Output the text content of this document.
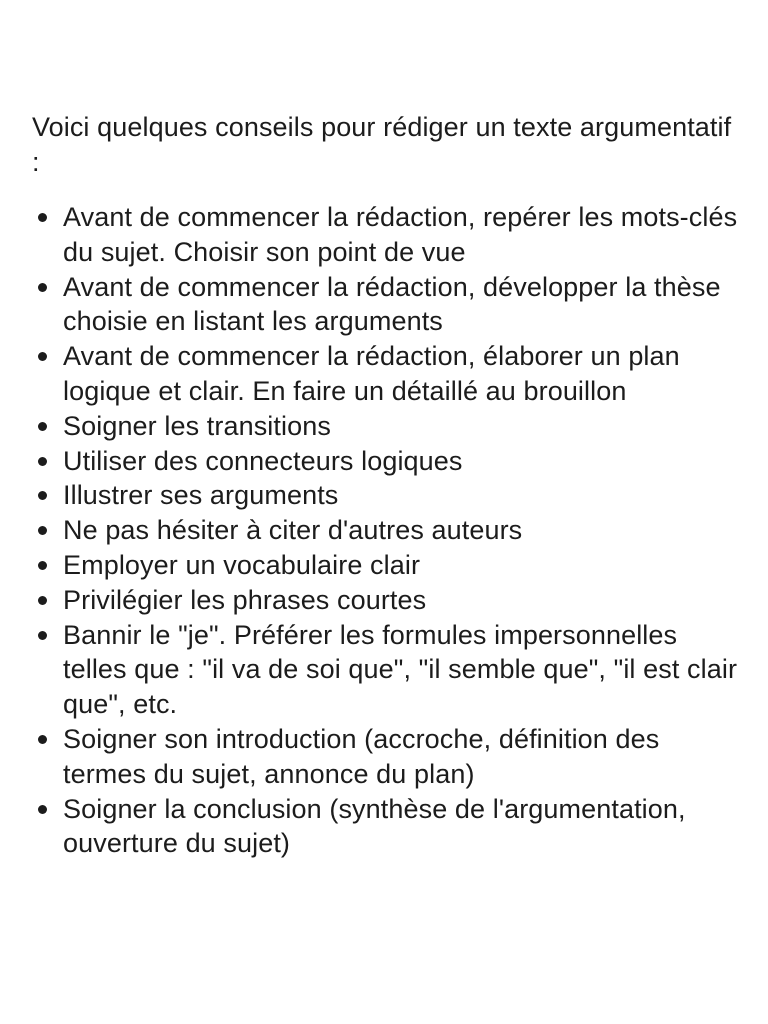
Voici quelques conseils pour rédiger un texte argumentatif :

Avant de commencer la rédaction, repérer les mots-clés du sujet. Choisir son point de vue
Avant de commencer la rédaction, développer la thèse choisie en listant les arguments
Avant de commencer la rédaction, élaborer un plan logique et clair. En faire un détaillé au brouillon
Soigner les transitions
Utiliser des connecteurs logiques
Illustrer ses arguments
Ne pas hésiter à citer d'autres auteurs
Employer un vocabulaire clair
Privilégier les phrases courtes
Bannir le "je". Préférer les formules impersonnelles telles que : "il va de soi que", "il semble que", "il est clair que", etc.
Soigner son introduction (accroche, définition des termes du sujet, annonce du plan)
Soigner la conclusion (synthèse de l'argumentation, ouverture du sujet)
